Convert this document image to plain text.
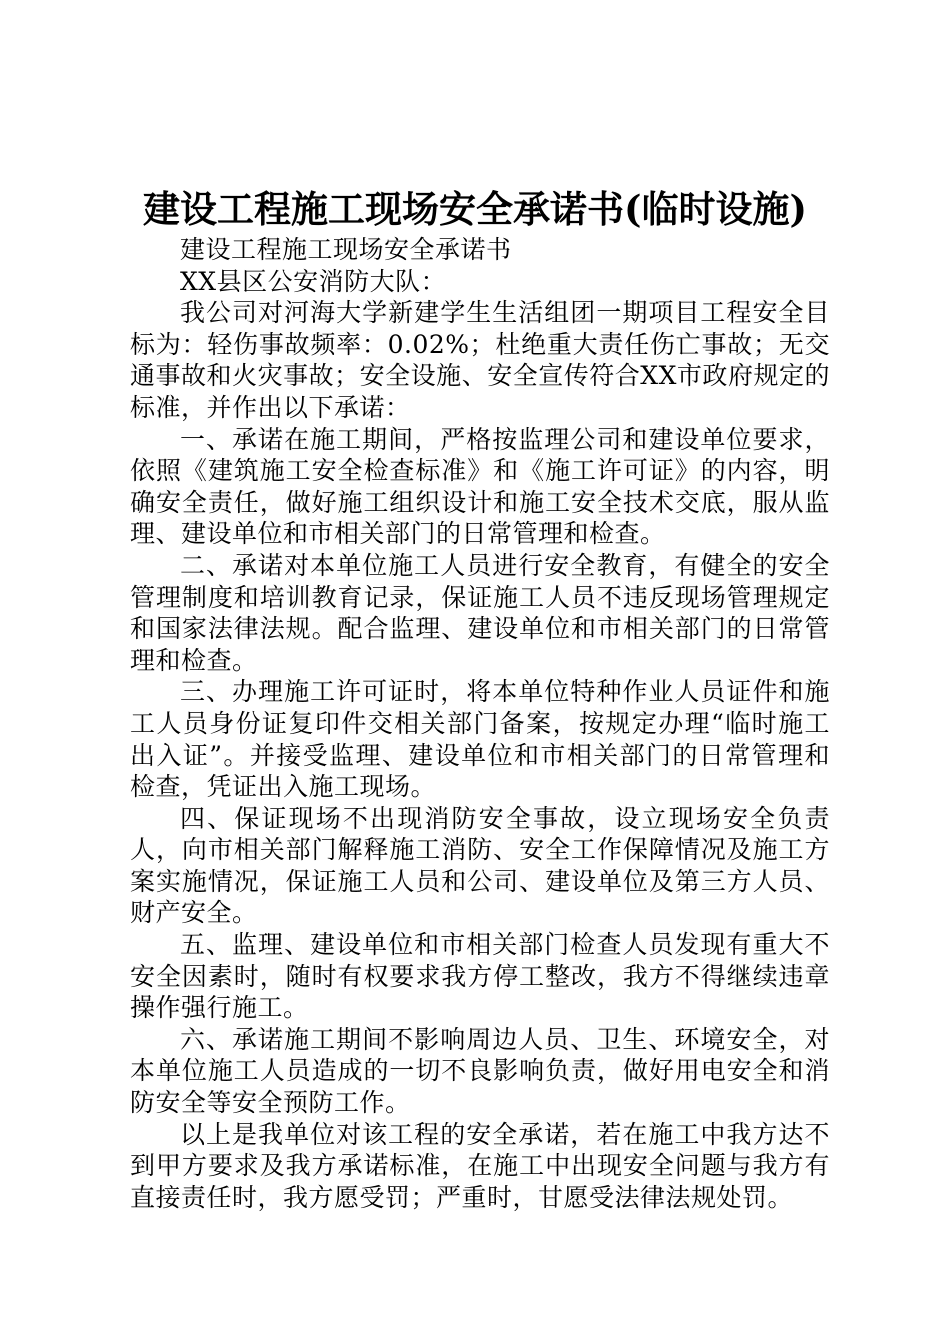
建设工程施工现场安全承诺书(临时设施)

建设工程施工现场安全承诺书

XX县区公安消防大队：

我公司对河海大学新建学生生活组团一期项目工程安全目标为：轻伤事故频率：0.02%；杜绝重大责任伤亡事故；无交通事故和火灾事故；安全设施、安全宣传符合XX市政府规定的标准，并作出以下承诺：

一、承诺在施工期间，严格按监理公司和建设单位要求，依照《建筑施工安全检查标准》和《施工许可证》的内容，明确安全责任，做好施工组织设计和施工安全技术交底，服从监理、建设单位和市相关部门的日常管理和检查。

二、承诺对本单位施工人员进行安全教育，有健全的安全管理制度和培训教育记录，保证施工人员不违反现场管理规定和国家法律法规。配合监理、建设单位和市相关部门的日常管理和检查。

三、办理施工许可证时，将本单位特种作业人员证件和施工人员身份证复印件交相关部门备案，按规定办理“临时施工出入证”。并接受监理、建设单位和市相关部门的日常管理和检查，凭证出入施工现场。

四、保证现场不出现消防安全事故，设立现场安全负责人，向市相关部门解释施工消防、安全工作保障情况及施工方案实施情况，保证施工人员和公司、建设单位及第三方人员、财产安全。

五、监理、建设单位和市相关部门检查人员发现有重大不安全因素时，随时有权要求我方停工整改，我方不得继续违章操作强行施工。

六、承诺施工期间不影响周边人员、卫生、环境安全，对本单位施工人员造成的一切不良影响负责，做好用电安全和消防安全等安全预防工作。

以上是我单位对该工程的安全承诺，若在施工中我方达不到甲方要求及我方承诺标准，在施工中出现安全问题与我方有直接责任时，我方愿受罚；严重时，甘愿受法律法规处罚。
